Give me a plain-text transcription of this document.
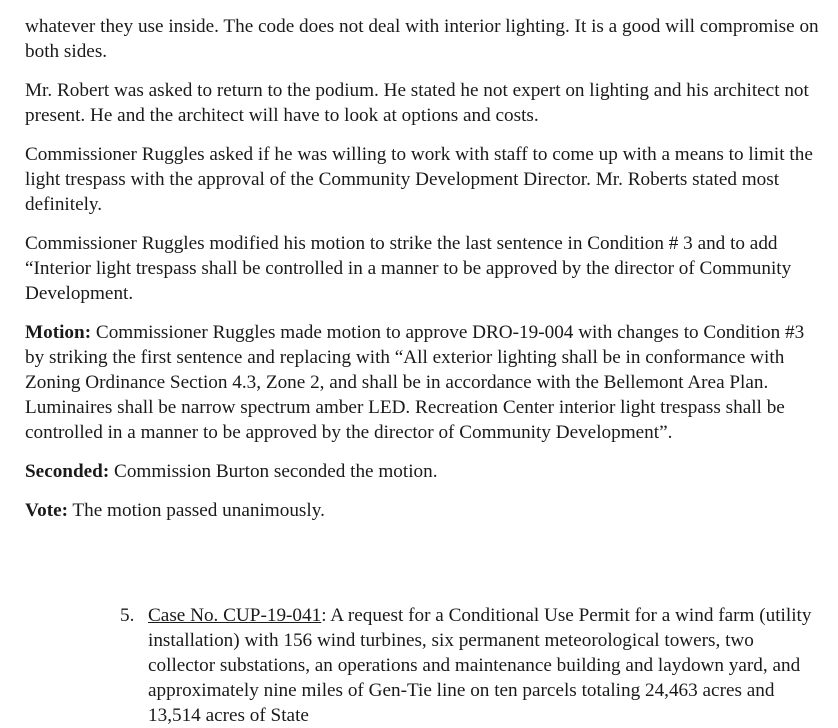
whatever they use inside. The code does not deal with interior lighting. It is a good will compromise on both sides.

Mr. Robert was asked to return to the podium. He stated he not expert on lighting and his architect not present. He and the architect will have to look at options and costs.

Commissioner Ruggles asked if he was willing to work with staff to come up with a means to limit the light trespass with the approval of the Community Development Director. Mr. Roberts stated most definitely.

Commissioner Ruggles modified his motion to strike the last sentence in Condition # 3 and to add “Interior light trespass shall be controlled in a manner to be approved by the director of Community Development.

Motion: Commissioner Ruggles made motion to approve DRO-19-004 with changes to Condition #3 by striking the first sentence and replacing with “All exterior lighting shall be in conformance with Zoning Ordinance Section 4.3, Zone 2, and shall be in accordance with the Bellemont Area Plan. Luminaires shall be narrow spectrum amber LED. Recreation Center interior light trespass shall be controlled in a manner to be approved by the director of Community Development”.

Seconded: Commission Burton seconded the motion.

Vote: The motion passed unanimously.

5. Case No. CUP-19-041: A request for a Conditional Use Permit for a wind farm (utility installation) with 156 wind turbines, six permanent meteorological towers, two collector substations, an operations and maintenance building and laydown yard, and approximately nine miles of Gen-Tie line on ten parcels totaling 24,463 acres and 13,514 acres of State
